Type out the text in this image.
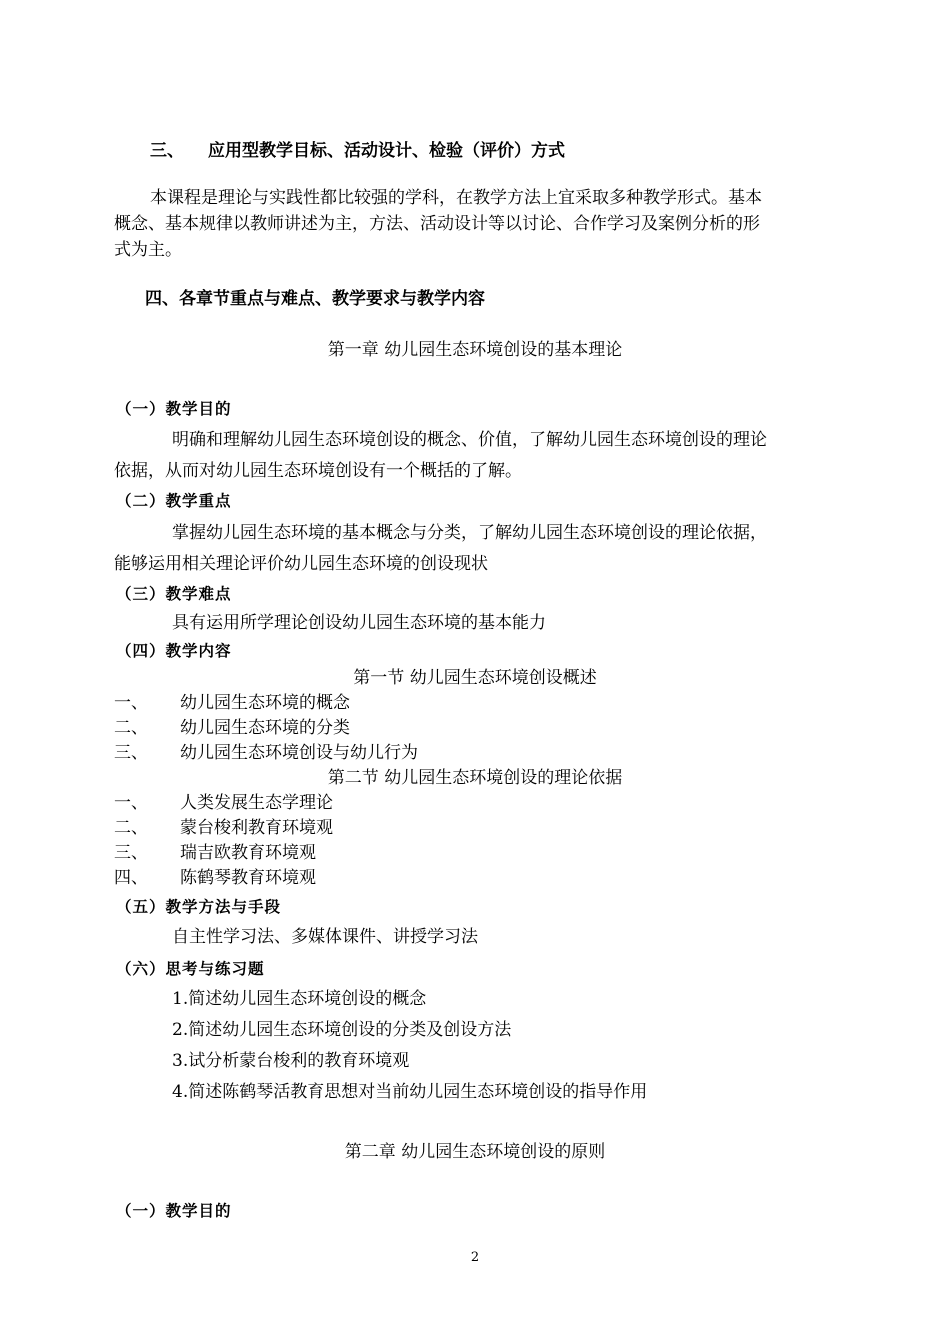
三、 应用型教学目标、活动设计、检验（评价）方式
本课程是理论与实践性都比较强的学科，在教学方法上宜采取多种教学形式。基本
概念、基本规律以教师讲述为主，方法、活动设计等以讨论、合作学习及案例分析的形
式为主。
四、各章节重点与难点、教学要求与教学内容
第一章 幼儿园生态环境创设的基本理论
（一）教学目的
明确和理解幼儿园生态环境创设的概念、价值，了解幼儿园生态环境创设的理论
依据，从而对幼儿园生态环境创设有一个概括的了解。
（二）教学重点
掌握幼儿园生态环境的基本概念与分类，了解幼儿园生态环境创设的理论依据，
能够运用相关理论评价幼儿园生态环境的创设现状
（三）教学难点
具有运用所学理论创设幼儿园生态环境的基本能力
（四）教学内容
第一节 幼儿园生态环境创设概述
一、 幼儿园生态环境的概念
二、 幼儿园生态环境的分类
三、 幼儿园生态环境创设与幼儿行为
第二节 幼儿园生态环境创设的理论依据
一、 人类发展生态学理论
二、 蒙台梭利教育环境观
三、 瑞吉欧教育环境观
四、 陈鹤琴教育环境观
（五）教学方法与手段
自主性学习法、多媒体课件、讲授学习法
（六）思考与练习题
1.简述幼儿园生态环境创设的概念
2.简述幼儿园生态环境创设的分类及创设方法
3.试分析蒙台梭利的教育环境观
4.简述陈鹤琴活教育思想对当前幼儿园生态环境创设的指导作用
第二章 幼儿园生态环境创设的原则
（一）教学目的
2
